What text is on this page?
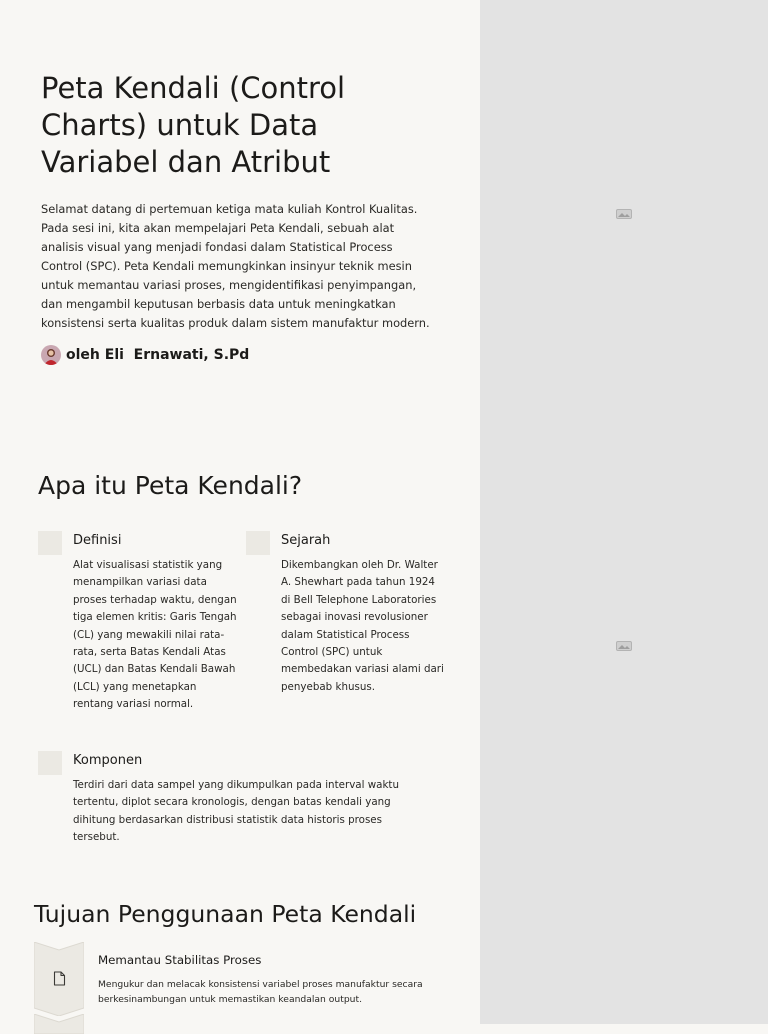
Peta Kendali (Control Charts) untuk Data Variabel dan Atribut

Selamat datang di pertemuan ketiga mata kuliah Kontrol Kualitas. Pada sesi ini, kita akan mempelajari Peta Kendali, sebuah alat analisis visual yang menjadi fondasi dalam Statistical Process Control (SPC). Peta Kendali memungkinkan insinyur teknik mesin untuk memantau variasi proses, mengidentifikasi penyimpangan, dan mengambil keputusan berbasis data untuk meningkatkan konsistensi serta kualitas produk dalam sistem manufaktur modern.

oleh Eli  Ernawati, S.Pd
Apa itu Peta Kendali?
Definisi

Alat visualisasi statistik yang menampilkan variasi data proses terhadap waktu, dengan tiga elemen kritis: Garis Tengah (CL) yang mewakili nilai rata-rata, serta Batas Kendali Atas (UCL) dan Batas Kendali Bawah (LCL) yang menetapkan rentang variasi normal.

Sejarah

Dikembangkan oleh Dr. Walter A. Shewhart pada tahun 1924 di Bell Telephone Laboratories sebagai inovasi revolusioner dalam Statistical Process Control (SPC) untuk membedakan variasi alami dari penyebab khusus.

Komponen

Terdiri dari data sampel yang dikumpulkan pada interval waktu tertentu, diplot secara kronologis, dengan batas kendali yang dihitung berdasarkan distribusi statistik data historis proses tersebut.

Tujuan Penggunaan Peta Kendali
Memantau Stabilitas Proses

Mengukur dan melacak konsistensi variabel proses manufaktur secara berkesinambungan untuk memastikan keandalan output.
